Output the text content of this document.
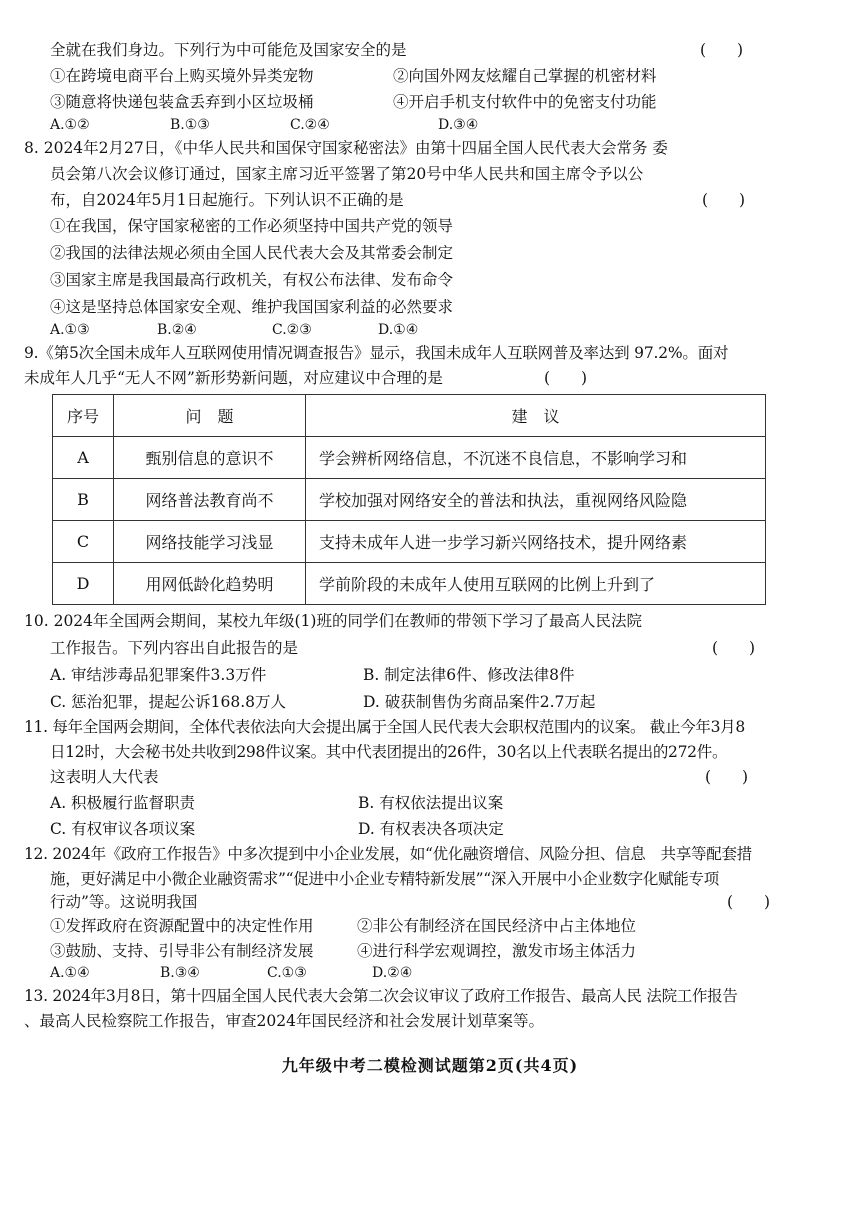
全就在我们身边。下列行为中可能危及国家安全的是	(　　)
①在跨境电商平台上购买境外异类宠物	②向国外网友炫耀自己掌握的机密材料
③随意将快递包装盒丢弃到小区垃圾桶	④开启手机支付软件中的免密支付功能
A.①②	B.①③	C.②④	D.③④
8. 2024年2月27日，《中华人民共和国保守国家秘密法》由第十四届全国人民代表大会常务 委
员会第八次会议修订通过，国家主席习近平签署了第20号中华人民共和国主席令予以公
布，自2024年5月1日起施行。下列认识不正确的是	(　　)
①在我国，保守国家秘密的工作必须坚持中国共产党的领导
②我国的法律法规必须由全国人民代表大会及其常委会制定
③国家主席是我国最高行政机关，有权公布法律、发布命令
④这是坚持总体国家安全观、维护我国国家利益的必然要求
A.①③	B.②④	C.②③	D.①④
9.《第5次全国未成年人互联网使用情况调查报告》显示，我国未成年人互联网普及率达到 97.2%。面对
未成年人几乎“无人不网”新形势新问题，对应建议中合理的是	(　　)
序号	问　题	建　议
A	甄别信息的意识不	学会辨析网络信息，不沉迷不良信息，不影响学习和
B	网络普法教育尚不	学校加强对网络安全的普法和执法，重视网络风险隐
C	网络技能学习浅显	支持未成年人进一步学习新兴网络技术，提升网络素
D	用网低龄化趋势明	学前阶段的未成年人使用互联网的比例上升到了
10. 2024年全国两会期间，某校九年级(1)班的同学们在教师的带领下学习了最高人民法院
工作报告。下列内容出自此报告的是	(　　)
A. 审结涉毒品犯罪案件3.3万件	B. 制定法律6件、修改法律8件
C. 惩治犯罪，提起公诉168.8万人	D. 破获制售伪劣商品案件2.7万起
11. 每年全国两会期间，全体代表依法向大会提出属于全国人民代表大会职权范围内的议案。 截止今年3月8
日12时，大会秘书处共收到298件议案。其中代表团提出的26件，30名以上代表联名提出的272件。
这表明人大代表	(　　)
A. 积极履行监督职责	B. 有权依法提出议案
C. 有权审议各项议案	D. 有权表决各项决定
12. 2024年《政府工作报告》中多次提到中小企业发展，如“优化融资增信、风险分担、信息　共享等配套措
施，更好满足中小微企业融资需求”“促进中小企业专精特新发展”“深入开展中小企业数字化赋能专项
行动”等。这说明我国	(　　)
①发挥政府在资源配置中的决定性作用	②非公有制经济在国民经济中占主体地位
③鼓励、支持、引导非公有制经济发展	④进行科学宏观调控，激发市场主体活力
A.①④	B.③④	C.①③	D.②④
13. 2024年3月8日，第十四届全国人民代表大会第二次会议审议了政府工作报告、最高人民 法院工作报告
、最高人民检察院工作报告，审查2024年国民经济和社会发展计划草案等。
九年级中考二模检测试题第2页(共4页)
